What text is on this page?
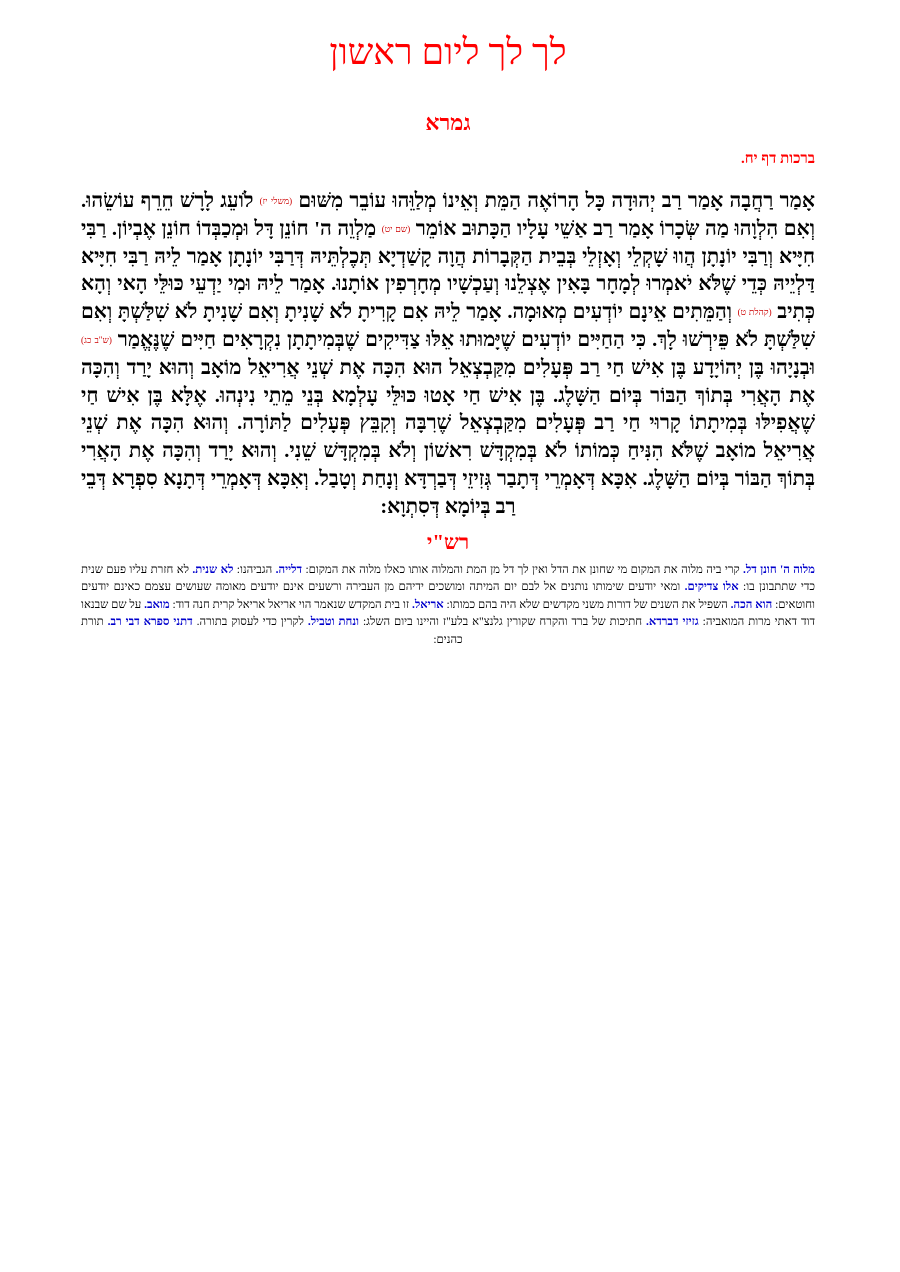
לך לך ליום ראשון
גמרא
ברכות דף יח.
אָמַר רַחֲבָה אָמַר רַב יְהוּדָה כָּל הָרוֹאֶה הַמֵּת וְאֵינוֹ מְלַוֵּהוּ עוֹבֵר מִשּׁוּם (משלי יז) לֹועֵג לָרָשׁ חֵרֵף עוֹשֵׂהוּ. וְאִם הִלְוָהוּ מַה שְּׂכָרוֹ אָמַר רַב אַשֵׁי עָלָיו הַכָּתוּב אוֹמֵר (שם יט) מַלְוֵה ה' חוֹנֵן דָּל וּמְכַבְּדוֹ חוֹנֵן אֶבְיוֹן. רַבִּי חִיָּיא וְרַבִּי יוֹנָתָן הֲווּ שָׁקְלֵי וְאָזְלֵי בְּבֵית הַקְּבָרוֹת הֲוָה קָשַׁדְיָא תְּכֶלְתֵּיהּ דְּרַבִּי יוֹנָתָן אָמַר לֵיהּ רַבִּי חִיָּיא דַּלְיֵיהּ כְּדֵי שֶׁלֹּא יֹאמְרוּ לְמָחָר בָּאִין אֶצְלֵנוּ וְעַכְשָׁיו מְחָרְפִין אוֹתָנוּ. אָמַר לֵיהּ וּמִי יַדְעֵי כּוּלֵּי הָאי וְהָא כְּתִיב (קהלת ט) וְהַמֵּתִים אֵינָם יוֹדְעִים מְאוּמָה. אָמַר לֵיהּ אִם קָרִיתָ לֹא שָׁנִיתָ וְאִם שָׁנִיתָ לֹא שִׁלַּשְׁתָּ וְאִם שִׁלַּשְׁתָּ לֹא פֵּירְשׁוּ לָךְ. כִּי הַחַיִּים יוֹדְעִים שֶׁיָּמוּתוּ אֵלּוּ צַדִּיקִים שֶׁבְּמִיתָתָן נִקְרָאִים חַיִּים שֶׁנֶּאֱמַר (ש"ב כג) וּבְנָיָהוּ בֶּן יְהוֹיָדָע בֶּן אִישׁ חַי רַב פְּעָלִים מִקַּבְצְאֵל הוּא הִכָּה אֶת שְׁנֵי אֲרִיאֵל מוֹאָב וְהוּא יָרַד וְהִכָּה אֶת הָאֲרִי בְּתוֹךְ הַבּוֹר בְּיוֹם הַשָּׁלֶג. בֶּן אִישׁ חַי אָטוּ כּוּלֵּי עָלְמָא בְּנֵי מֵתֵי נִינְהוּ. אֶלָּא בֶּן אִישׁ חַי שֶׁאֲפִילּוּ בְּמִיתָתוֹ קָרוּי חַי רַב פְּעָלִים מִקַּבְצְאֵל שֶׁרִבָּה וְקִבֵּץ פְּעָלִים לַתּוֹרָה. וְהוּא הִכָּה אֶת שְׁנֵי אֲרִיאֵל מוֹאָב שֶׁלֹּא הִנִּיחַ כְּמוֹתוֹ לֹא בְּמִקְדָּשׁ רִאשׁוֹן וְלֹא בְּמִקְדָּשׁ שֵׁנִי. וְהוּא יָרַד וְהִכָּה אֶת הָאֲרִי בְּתוֹךְ הַבּוֹר בְּיוֹם הַשָּׁלֶג. אִכָּא דְּאָמְרֵי דְּתָבַר גְּזִיזֵי דְּבַרְדָּא וְנָחַת וְטָבַל. וְאִכָּא דְּאָמְרֵי דְּתָנָא סִפְרָא דְּבֵי רַב בְּיוֹמָא דְּסִתְוָא:
רש"י
מלוה ה' חונן דל. קרי ביה מלוה את המקום מי שחונן את הדל ואין לך דל מן המת והמלוה אותו כאלו מלוה את המקום: דלייה. הגביהנו: לא שנית. לא חזרת עליו פעם שנית כדי שתתבונן בו: אלו צדיקים. ומאי יודעים שימותו נותנים אל לבם יום המיתה ומושכים ידיהם מן העבירה ורשעים אינם יודעים מאומה שעושים עצמם כאינם יודעים וחוטאים: הוא הכה. השפיל את השנים של דורות משני מקדשים שלא היה בהם כמותו: אריאל. זו בית המקדש שנאמר הוי אריאל אריאל קרית חנה דוד: מואב. על שם שבנאו דוד דאתי מרות המואביה: גזיזי דברדא. חתיכות של ברד והקרח שקורין גלנצ"א בלע"ז והיינו ביום השלג: ונחת וטביל. לקרין כדי לעסוק בתורה. דתני ספרא דבי רב. תורת כהנים:
